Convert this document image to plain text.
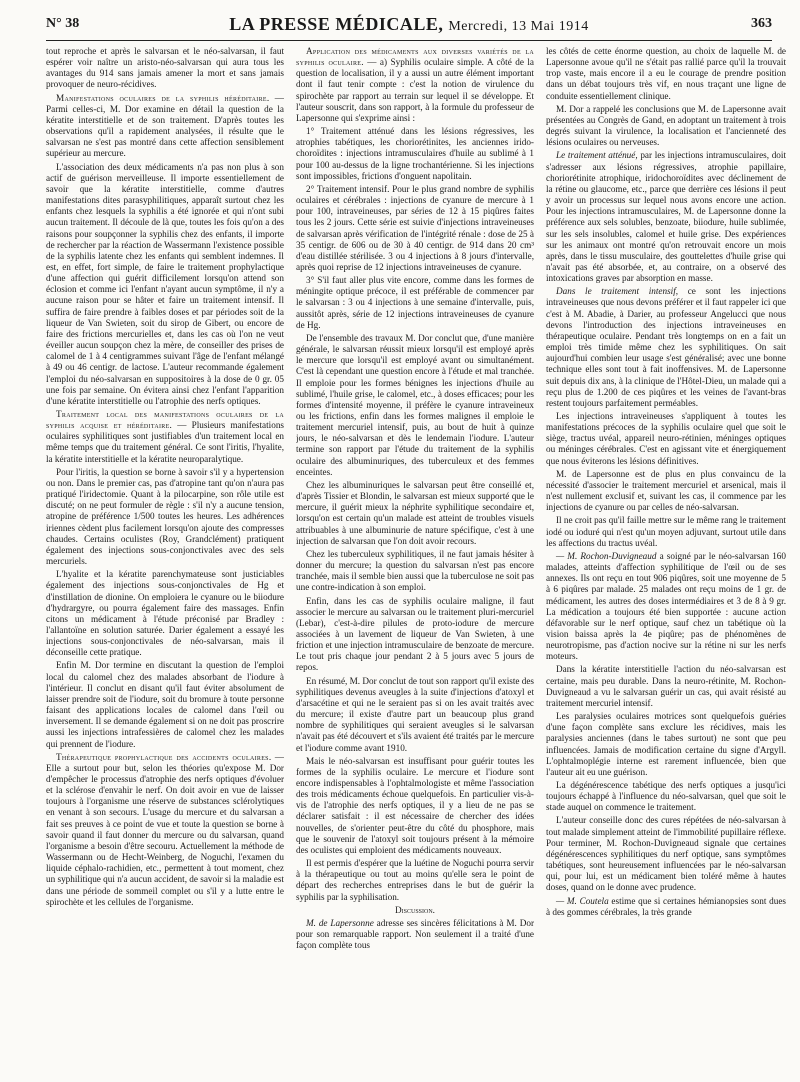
N° 38	LA PRESSE MÉDICALE, Mercredi, 13 Mai 1914	363

tout reproche et après le salvarsan et le néo-salvarsan, il faut espérer voir naître un aristo-néo-salvarsan qui aura tous les avantages du 914 sans jamais amener la mort et sans jamais provoquer de neuro-récidives.

Manifestations oculaires de la syphilis héréditaire. — Parmi celles-ci, M. Dor examine en détail la question de la kératite interstitielle et de son traitement. D'après toutes les observations qu'il a rapidement analysées, il résulte que le salvarsan ne s'est pas montré dans cette affection sensiblement supérieur au mercure.

L'association des deux médicaments n'a pas non plus à son actif de guérison merveilleuse. Il importe essentiellement de savoir que la kératite interstitielle, comme d'autres manifestations dites parasyphilitiques, apparaît surtout chez les enfants chez lesquels la syphilis a été ignorée et qui n'ont subi aucun traitement. Il découle de là que, toutes les fois qu'on a des raisons pour soupçonner la syphilis chez des enfants, il importe de rechercher par la réaction de Wassermann l'existence possible de la syphilis latente chez les enfants qui semblent indemnes. Il est, en effet, fort simple, de faire le traitement prophylactique d'une affection qui guérit difficilement lorsqu'on attend son éclosion et comme ici l'enfant n'ayant aucun symptôme, il n'y a aucune raison pour se hâter et faire un traitement intensif. Il suffira de faire prendre à faibles doses et par périodes soit de la liqueur de Van Swieten, soit du sirop de Gibert, ou encore de faire des frictions mercurielles et, dans les cas où l'on ne veut éveiller aucun soupçon chez la mère, de conseiller des prises de calomel de 1 à 4 centigrammes suivant l'âge de l'enfant mélangé à 49 ou 46 centigr. de lactose. L'auteur recommande également l'emploi du néo-salvarsan en suppositoires à la dose de 0 gr. 05 une fois par semaine. On évitera ainsi chez l'enfant l'apparition d'une kératite interstitielle ou l'atrophie des nerfs optiques.

Traitement local des manifestations oculaires de la syphilis acquise et héréditaire. — Plusieurs manifestations oculaires syphilitiques sont justifiables d'un traitement local en même temps que du traitement général. Ce sont l'iritis, l'hyalite, la kératite interstitielle et la kératite neuroparalytique.

Pour l'iritis, la question se borne à savoir s'il y a hypertension ou non. Dans le premier cas, pas d'atropine tant qu'on n'aura pas pratiqué l'iridectomie. Quant à la pilocarpine, son rôle utile est discuté; on ne peut formuler de règle : s'il n'y a aucune tension, atropine de préférence 1/500 toutes les heures. Les adhérences iriennes cèdent plus facilement lorsqu'on ajoute des compresses chaudes. Certains oculistes (Roy, Grandclément) pratiquent également des injections sous-conjonctivales avec des sels mercuriels.

L'hyalite et la kératite parenchymateuse sont justiciables également des injections sous-conjonctivales de Hg et d'instillation de dionine. On emploiera le cyanure ou le biiodure d'hydrargyre, ou pourra également faire des massages. Enfin citons un médicament à l'étude préconisé par Bradley : l'allantoïne en solution saturée. Darier également a essayé les injections sous-conjonctivales de néo-salvarsan, mais il déconseille cette pratique.

Enfin M. Dor termine en discutant la question de l'emploi local du calomel chez des malades absorbant de l'iodure à l'intérieur. Il conclut en disant qu'il faut éviter absolument de laisser prendre soit de l'iodure, soit du bromure à toute personne faisant des applications locales de calomel dans l'œil ou inversement. Il se demande également si on ne doit pas proscrire aussi les injections intrafessières de calomel chez les malades qui prennent de l'iodure.

Thérapeutique prophylactique des accidents oculaires. — Elle a surtout pour but, selon les théories qu'expose M. Dor d'empêcher le processus d'atrophie des nerfs optiques d'évoluer et la sclérose d'envahir le nerf. On doit avoir en vue de laisser toujours à l'organisme une réserve de substances sclérolytiques en venant à son secours. L'usage du mercure et du salvarsan a fait ses preuves à ce point de vue et toute la question se borne à savoir quand il faut donner du mercure ou du salvarsan, quand l'organisme a besoin d'être secouru. Actuellement la méthode de Wassermann ou de Hecht-Weinberg, de Noguchi, l'examen du liquide céphalo-rachidien, etc., permettent à tout moment, chez un syphilitique qui n'a aucun accident, de savoir si la maladie est dans une période de sommeil complet ou s'il y a lutte entre le spirochète et les cellules de l'organisme.

Application des médicaments aux diverses variétés de la syphilis oculaire. — a) Syphilis oculaire simple. A côté de la question de localisation, il y a aussi un autre élément important dont il faut tenir compte : c'est la notion de virulence du spirochète par rapport au terrain sur lequel il se développe. Et l'auteur souscrit, dans son rapport, à la formule du professeur de Lapersonne qui s'exprime ainsi :

1° Traitement atténué dans les lésions régressives, les atrophies tabétiques, les choriorétinites, les anciennes irido-choroïdites : injections intramusculaires d'huile au sublimé à 1 pour 100 au-dessus de la ligne trochantérienne. Si les injections sont impossibles, frictions d'onguent napolitain.

2° Traitement intensif. Pour le plus grand nombre de syphilis oculaires et cérébrales : injections de cyanure de mercure à 1 pour 100, intraveineuses, par séries de 12 à 15 piqûres faites tous les 2 jours. Cette série est suivie d'injections intraveineuses de salvarsan après vérification de l'intégrité rénale : dose de 25 à 35 centigr. de 606 ou de 30 à 40 centigr. de 914 dans 20 cm³ d'eau distillée stérilisée. 3 ou 4 injections à 8 jours d'intervalle, après quoi reprise de 12 injections intraveineuses de cyanure.

3° S'il faut aller plus vite encore, comme dans les formes de méningite optique précoce, il est préférable de commencer par le salvarsan : 3 ou 4 injections à une semaine d'intervalle, puis, aussitôt après, série de 12 injections intraveineuses de cyanure de Hg.

De l'ensemble des travaux M. Dor conclut que, d'une manière générale, le salvarsan réussit mieux lorsqu'il est employé après le mercure que lorsqu'il est employé avant ou simultanément. C'est là cependant une question encore à l'étude et mal tranchée. Il emploie pour les formes bénignes les injections d'huile au sublimé, l'huile grise, le calomel, etc., à doses efficaces; pour les formes d'intensité moyenne, il préfère le cyanure intraveineux ou les frictions, enfin dans les formes malignes il emploie le traitement mercuriel intensif, puis, au bout de huit à quinze jours, le néo-salvarsan et dès le lendemain l'iodure. L'auteur termine son rapport par l'étude du traitement de la syphilis oculaire des albuminuriques, des tuberculeux et des femmes enceintes.

Chez les albuminuriques le salvarsan peut être conseillé et, d'après Tissier et Blondin, le salvarsan est mieux supporté que le mercure, il guérit mieux la néphrite syphilitique secondaire et, lorsqu'on est certain qu'un malade est atteint de troubles visuels attribuables à une albuminurie de nature spécifique, c'est à une injection de salvarsan que l'on doit avoir recours.

Chez les tuberculeux syphilitiques, il ne faut jamais hésiter à donner du mercure; la question du salvarsan n'est pas encore tranchée, mais il semble bien aussi que la tuberculose ne soit pas une contre-indication à son emploi.

Enfin, dans les cas de syphilis oculaire maligne, il faut associer le mercure au salvarsan ou le traitement pluri-mercuriel (Lebar), c'est-à-dire pilules de proto-iodure de mercure associées à un lavement de liqueur de Van Swieten, à une friction et une injection intramusculaire de benzoate de mercure. Le tout pris chaque jour pendant 2 à 5 jours avec 5 jours de repos.

En résumé, M. Dor conclut de tout son rapport qu'il existe des syphilitiques devenus aveugles à la suite d'injections d'atoxyl et d'arsacétine et qui ne le seraient pas si on les avait traités avec du mercure; il existe d'autre part un beaucoup plus grand nombre de syphilitiques qui seraient aveugles si le salvarsan n'avait pas été découvert et s'ils avaient été traités par le mercure et l'iodure comme avant 1910.

Mais le néo-salvarsan est insuffisant pour guérir toutes les formes de la syphilis oculaire. Le mercure et l'iodure sont encore indispensables à l'ophtalmologiste et même l'association des trois médicaments échoue quelquefois. En particulier vis-à-vis de l'atrophie des nerfs optiques, il y a lieu de ne pas se déclarer satisfait : il est nécessaire de chercher des idées nouvelles, de s'orienter peut-être du côté du phosphore, mais que le souvenir de l'atoxyl soit toujours présent à la mémoire des oculistes qui emploient des médicaments nouveaux.

Il est permis d'espérer que la luétine de Noguchi pourra servir à la thérapeutique ou tout au moins qu'elle sera le point de départ des recherches entreprises dans le but de guérir la syphilis par la syphilisation.

Discussion.

M. de Lapersonne adresse ses sincères félicitations à M. Dor pour son remarquable rapport. Non seulement il a traité d'une façon complète tous

les côtés de cette énorme question, au choix de laquelle M. de Lapersonne avoue qu'il ne s'était pas rallié parce qu'il la trouvait trop vaste, mais encore il a eu le courage de prendre position dans un débat toujours très vif, en nous traçant une ligne de conduite essentiellement clinique.

M. Dor a rappelé les conclusions que M. de Lapersonne avait présentées au Congrès de Gand, en adoptant un traitement à trois degrés suivant la virulence, la localisation et l'ancienneté des lésions oculaires ou nerveuses.

Le traitement atténué, par les injections intramusculaires, doit s'adresser aux lésions régressives, atrophie papillaire, choriorétinite atrophique, iridochoroïdites avec déclinement de la rétine ou glaucome, etc., parce que derrière ces lésions il peut y avoir un processus sur lequel nous avons encore une action. Pour les injections intramusculaires, M. de Lapersonne donne la préférence aux sels solubles, benzoate, biiodure, huile sublimée, sur les sels insolubles, calomel et huile grise. Des expériences sur les animaux ont montré qu'on retrouvait encore un mois après, dans le tissu musculaire, des gouttelettes d'huile grise qui n'avait pas été absorbée, et, au contraire, on a observé des intoxications graves par absorption en masse.

Dans le traitement intensif, ce sont les injections intraveineuses que nous devons préférer et il faut rappeler ici que c'est à M. Abadie, à Darier, au professeur Angelucci que nous devons l'introduction des injections intraveineuses en thérapeutique oculaire. Pendant très longtemps on en a fait un emploi très timide même chez les syphilitiques. On sait aujourd'hui combien leur usage s'est généralisé; avec une bonne technique elles sont tout à fait inoffensives. M. de Lapersonne suit depuis dix ans, à la clinique de l'Hôtel-Dieu, un malade qui a reçu plus de 1.200 de ces piqûres et les veines de l'avant-bras restent toujours parfaitement perméables.

Les injections intraveineuses s'appliquent à toutes les manifestations précoces de la syphilis oculaire quel que soit le siège, tractus uvéal, appareil neuro-rétinien, méninges optiques ou méninges cérébrales. C'est en agissant vite et énergiquement que nous éviterons les lésions définitives.

M. de Lapersonne est de plus en plus convaincu de la nécessité d'associer le traitement mercuriel et arsenical, mais il n'est nullement exclusif et, suivant les cas, il commence par les injections de cyanure ou par celles de néo-salvarsan.

Il ne croit pas qu'il faille mettre sur le même rang le traitement iodé ou ioduré qui n'est qu'un moyen adjuvant, surtout utile dans les affections du tractus uvéal.

— M. Rochon-Duvigneaud a soigné par le néo-salvarsan 160 malades, atteints d'affection syphilitique de l'œil ou de ses annexes. Ils ont reçu en tout 906 piqûres, soit une moyenne de 5 à 6 piqûres par malade. 25 malades ont reçu moins de 1 gr. de médicament, les autres des doses intermédiaires et 3 de 8 à 9 gr. La médication a toujours été bien supportée : aucune action défavorable sur le nerf optique, sauf chez un tabétique où la vision baissa après la 4e piqûre; pas de phénomènes de neurotropisme, pas d'action nocive sur la rétine ni sur les nerfs moteurs.

Dans la kératite interstitielle l'action du néo-salvarsan est certaine, mais peu durable. Dans la neuro-rétinite, M. Rochon-Duvigneaud a vu le salvarsan guérir un cas, qui avait résisté au traitement mercuriel intensif.

Les paralysies oculaires motrices sont quelquefois guéries d'une façon complète sans exclure les récidives, mais les paralysies anciennes (dans le tabes surtout) ne sont que peu influencées. Jamais de modification certaine du signe d'Argyll. L'ophtalmoplégie interne est rarement influencée, bien que l'auteur ait eu une guérison.

La dégénérescence tabétique des nerfs optiques a jusqu'ici toujours échappé à l'influence du néo-salvarsan, quel que soit le stade auquel on commence le traitement.

L'auteur conseille donc des cures répétées de néo-salvarsan à tout malade simplement atteint de l'immobilité pupillaire réflexe. Pour terminer, M. Rochon-Duvigneaud signale que certaines dégénérescences syphilitiques du nerf optique, sans symptômes tabétiques, sont heureusement influencées par le néo-salvarsan qui, pour lui, est un médicament bien toléré même à hautes doses, quand on le donne avec prudence.

— M. Coutela estime que si certaines hémianopsies sont dues à des gommes cérébrales, la très grande
